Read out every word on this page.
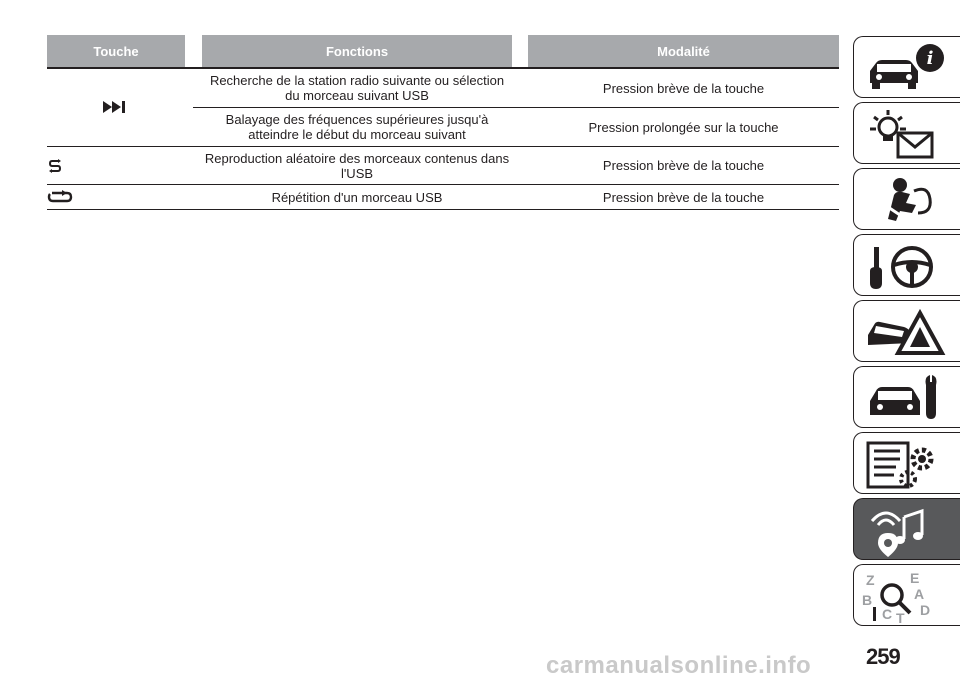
Touche	Fonctions	Modalité
Recherche de la station radio suivante ou sélection du morceau suivant USB	Pression brève de la touche
Balayage des fréquences supérieures jusqu'à atteindre le début du morceau suivant	Pression prolongée sur la touche
Reproduction aléatoire des morceaux contenus dans l'USB	Pression brève de la touche
Répétition d'un morceau USB	Pression brève de la touche
i
Z	E
A
B
C D
T
259
carmanualsonline.info
